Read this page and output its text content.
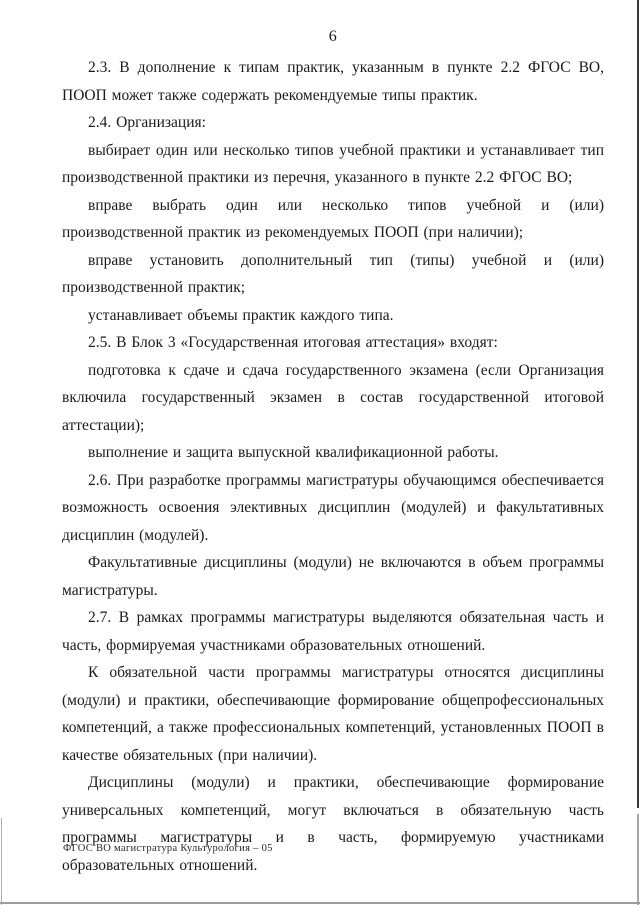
6

2.3. В дополнение к типам практик, указанным в пункте 2.2 ФГОС ВО, ПООП может также содержать рекомендуемые типы практик.

2.4. Организация:

выбирает один или несколько типов учебной практики и устанавливает тип производственной практики из перечня, указанного в пункте 2.2 ФГОС ВО;

вправе выбрать один или несколько типов учебной и (или) производственной практик из рекомендуемых ПООП (при наличии);

вправе установить дополнительный тип (типы) учебной и (или) производственной практик;

устанавливает объемы практик каждого типа.

2.5. В Блок 3 «Государственная итоговая аттестация» входят:

подготовка к сдаче и сдача государственного экзамена (если Организация включила государственный экзамен в состав государственной итоговой аттестации);

выполнение и защита выпускной квалификационной работы.

2.6. При разработке программы магистратуры обучающимся обеспечивается возможность освоения элективных дисциплин (модулей) и факультативных дисциплин (модулей).

Факультативные дисциплины (модули) не включаются в объем программы магистратуры.

2.7. В рамках программы магистратуры выделяются обязательная часть и часть, формируемая участниками образовательных отношений.

К обязательной части программы магистратуры относятся дисциплины (модули) и практики, обеспечивающие формирование общепрофессиональных компетенций, а также профессиональных компетенций, установленных ПООП в качестве обязательных (при наличии).

Дисциплины (модули) и практики, обеспечивающие формирование универсальных компетенций, могут включаться в обязательную часть программы магистратуры и в часть, формируемую участниками образовательных отношений.

ФГОС ВО магистратура Культурология – 05
